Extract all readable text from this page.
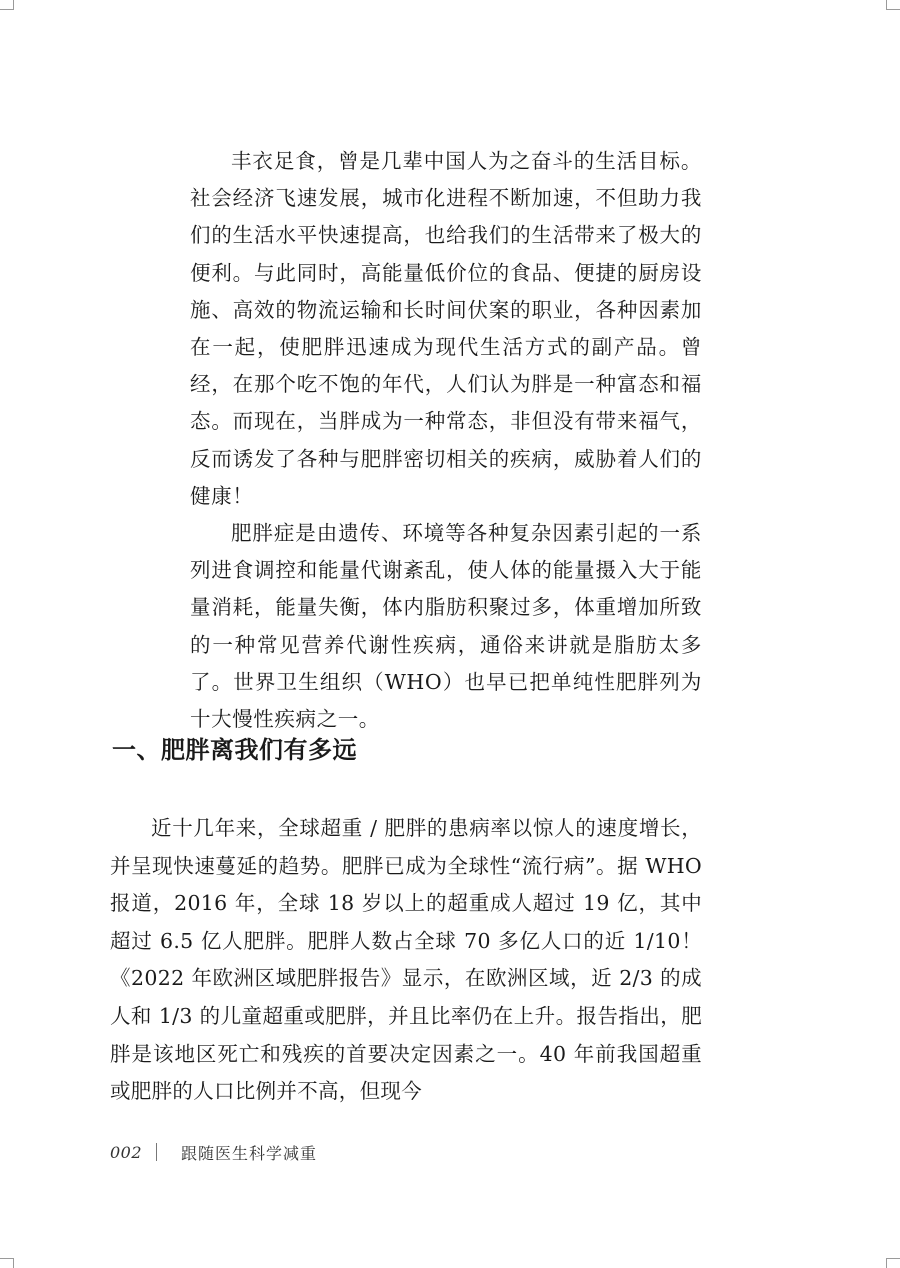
丰衣足食，曾是几辈中国人为之奋斗的生活目标。社会经济飞速发展，城市化进程不断加速，不但助力我们的生活水平快速提高，也给我们的生活带来了极大的便利。与此同时，高能量低价位的食品、便捷的厨房设施、高效的物流运输和长时间伏案的职业，各种因素加在一起，使肥胖迅速成为现代生活方式的副产品。曾经，在那个吃不饱的年代，人们认为胖是一种富态和福态。而现在，当胖成为一种常态，非但没有带来福气，反而诱发了各种与肥胖密切相关的疾病，威胁着人们的健康！

肥胖症是由遗传、环境等各种复杂因素引起的一系列进食调控和能量代谢紊乱，使人体的能量摄入大于能量消耗，能量失衡，体内脂肪积聚过多，体重增加所致的一种常见营养代谢性疾病，通俗来讲就是脂肪太多了。世界卫生组织（WHO）也早已把单纯性肥胖列为十大慢性疾病之一。

一、肥胖离我们有多远

近十几年来，全球超重 / 肥胖的患病率以惊人的速度增长，并呈现快速蔓延的趋势。肥胖已成为全球性“流行病”。据 WHO 报道，2016 年，全球 18 岁以上的超重成人超过 19 亿，其中超过 6.5 亿人肥胖。肥胖人数占全球 70 多亿人口的近 1/10！《2022 年欧洲区域肥胖报告》显示，在欧洲区域，近 2/3 的成人和 1/3 的儿童超重或肥胖，并且比率仍在上升。报告指出，肥胖是该地区死亡和残疾的首要决定因素之一。40 年前我国超重或肥胖的人口比例并不高，但现今

002 跟随医生科学减重
